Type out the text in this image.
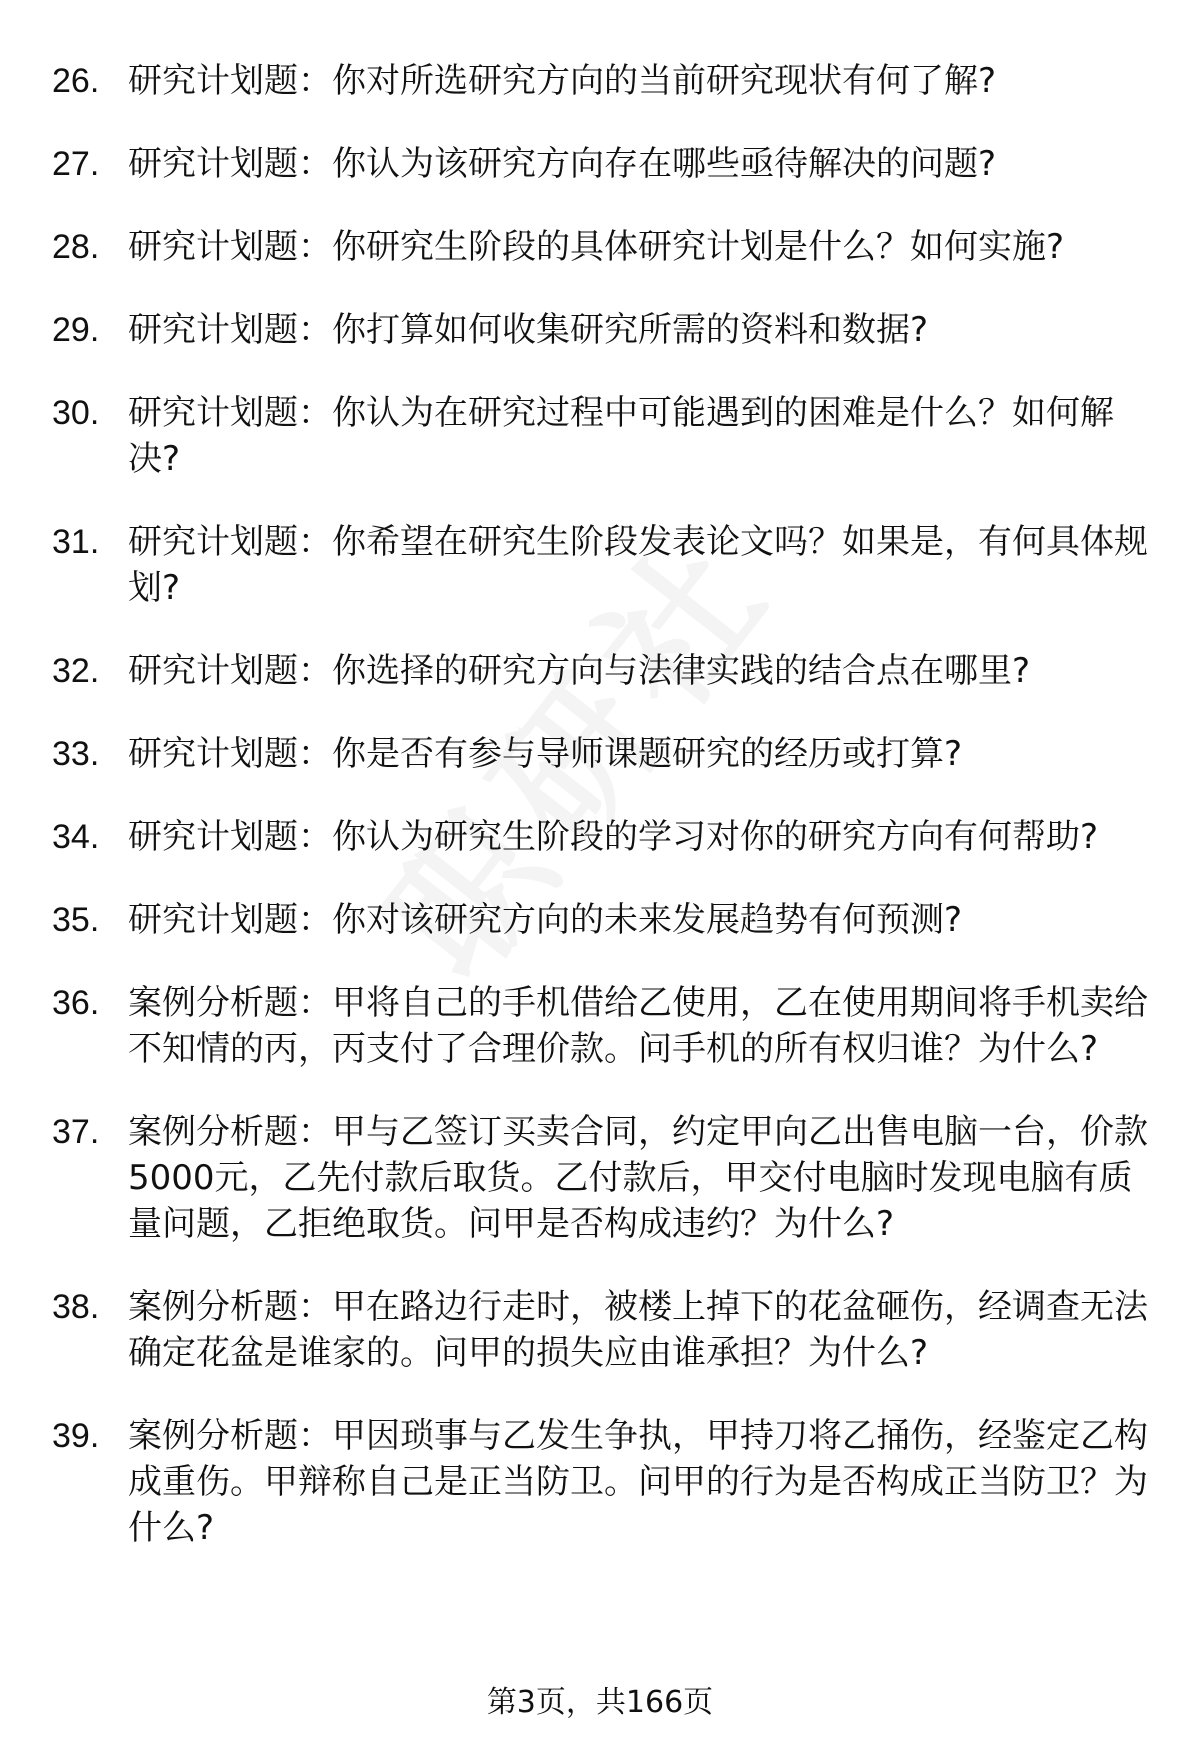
26. 研究计划题：你对所选研究方向的当前研究现状有何了解?
27. 研究计划题：你认为该研究方向存在哪些亟待解决的问题?
28. 研究计划题：你研究生阶段的具体研究计划是什么？如何实施?
29. 研究计划题：你打算如何收集研究所需的资料和数据?
30. 研究计划题：你认为在研究过程中可能遇到的困难是什么？如何解决?
31. 研究计划题：你希望在研究生阶段发表论文吗？如果是，有何具体规划?
32. 研究计划题：你选择的研究方向与法律实践的结合点在哪里?
33. 研究计划题：你是否有参与导师课题研究的经历或打算?
34. 研究计划题：你认为研究生阶段的学习对你的研究方向有何帮助?
35. 研究计划题：你对该研究方向的未来发展趋势有何预测?
36. 案例分析题：甲将自己的手机借给乙使用，乙在使用期间将手机卖给不知情的丙，丙支付了合理价款。问手机的所有权归谁？为什么?
37. 案例分析题：甲与乙签订买卖合同，约定甲向乙出售电脑一台，价款5000元，乙先付款后取货。乙付款后，甲交付电脑时发现电脑有质量问题，乙拒绝取货。问甲是否构成违约？为什么?
38. 案例分析题：甲在路边行走时，被楼上掉下的花盆砸伤，经调查无法确定花盆是谁家的。问甲的损失应由谁承担？为什么?
39. 案例分析题：甲因琐事与乙发生争执，甲持刀将乙捅伤，经鉴定乙构成重伤。甲辩称自己是正当防卫。问甲的行为是否构成正当防卫？为什么?
第3页，共166页
